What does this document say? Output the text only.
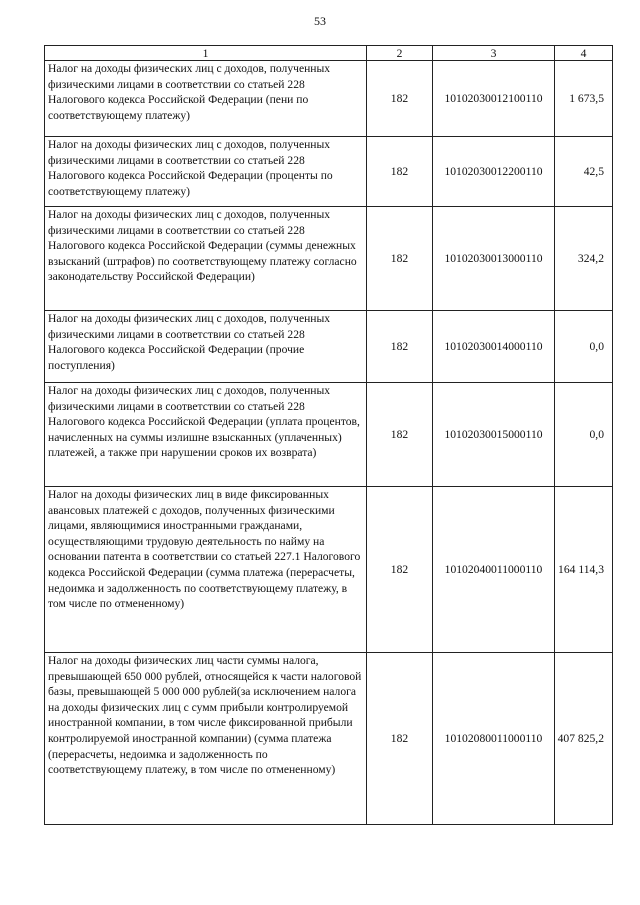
53
1	2	3	4
Налог на доходы физических лиц с доходов, полученных физическими лицами в соответствии со статьей 228 Налогового кодекса Российской Федерации (пени по соответствующему платежу)	182	10102030012100110	1 673,5
Налог на доходы физических лиц с доходов, полученных физическими лицами в соответствии со статьей 228 Налогового кодекса Российской Федерации (проценты по соответствующему платежу)	182	10102030012200110	42,5
Налог на доходы физических лиц с доходов, полученных физическими лицами в соответствии со статьей 228 Налогового кодекса Российской Федерации (суммы денежных взысканий (штрафов) по соответствующему платежу согласно законодательству Российской Федерации)	182	10102030013000110	324,2
Налог на доходы физических лиц с доходов, полученных физическими лицами в соответствии со статьей 228 Налогового кодекса Российской Федерации (прочие поступления)	182	10102030014000110	0,0
Налог на доходы физических лиц с доходов, полученных физическими лицами в соответствии со статьей 228 Налогового кодекса Российской Федерации (уплата процентов, начисленных на суммы излишне взысканных (уплаченных) платежей, а также при нарушении сроков их возврата)	182	10102030015000110	0,0
Налог на доходы физических лиц в виде фиксированных авансовых платежей с доходов, полученных физическими лицами, являющимися иностранными гражданами, осуществляющими трудовую деятельность по найму на основании патента в соответствии со статьей 227.1 Налогового кодекса Российской Федерации (сумма платежа (перерасчеты, недоимка и задолженность по соответствующему платежу, в том числе по отмененному)	182	10102040011000110	164 114,3
Налог на доходы физических лиц части суммы налога, превышающей 650 000 рублей, относящейся к части налоговой базы, превышающей 5 000 000 рублей(за исключением налога на доходы физических лиц с сумм прибыли контролируемой иностранной компании, в том числе фиксированной прибыли контролируемой иностранной компании) (сумма платежа (перерасчеты, недоимка и задолженность по соответствующему платежу, в том числе по отмененному)	182	10102080011000110	407 825,2
